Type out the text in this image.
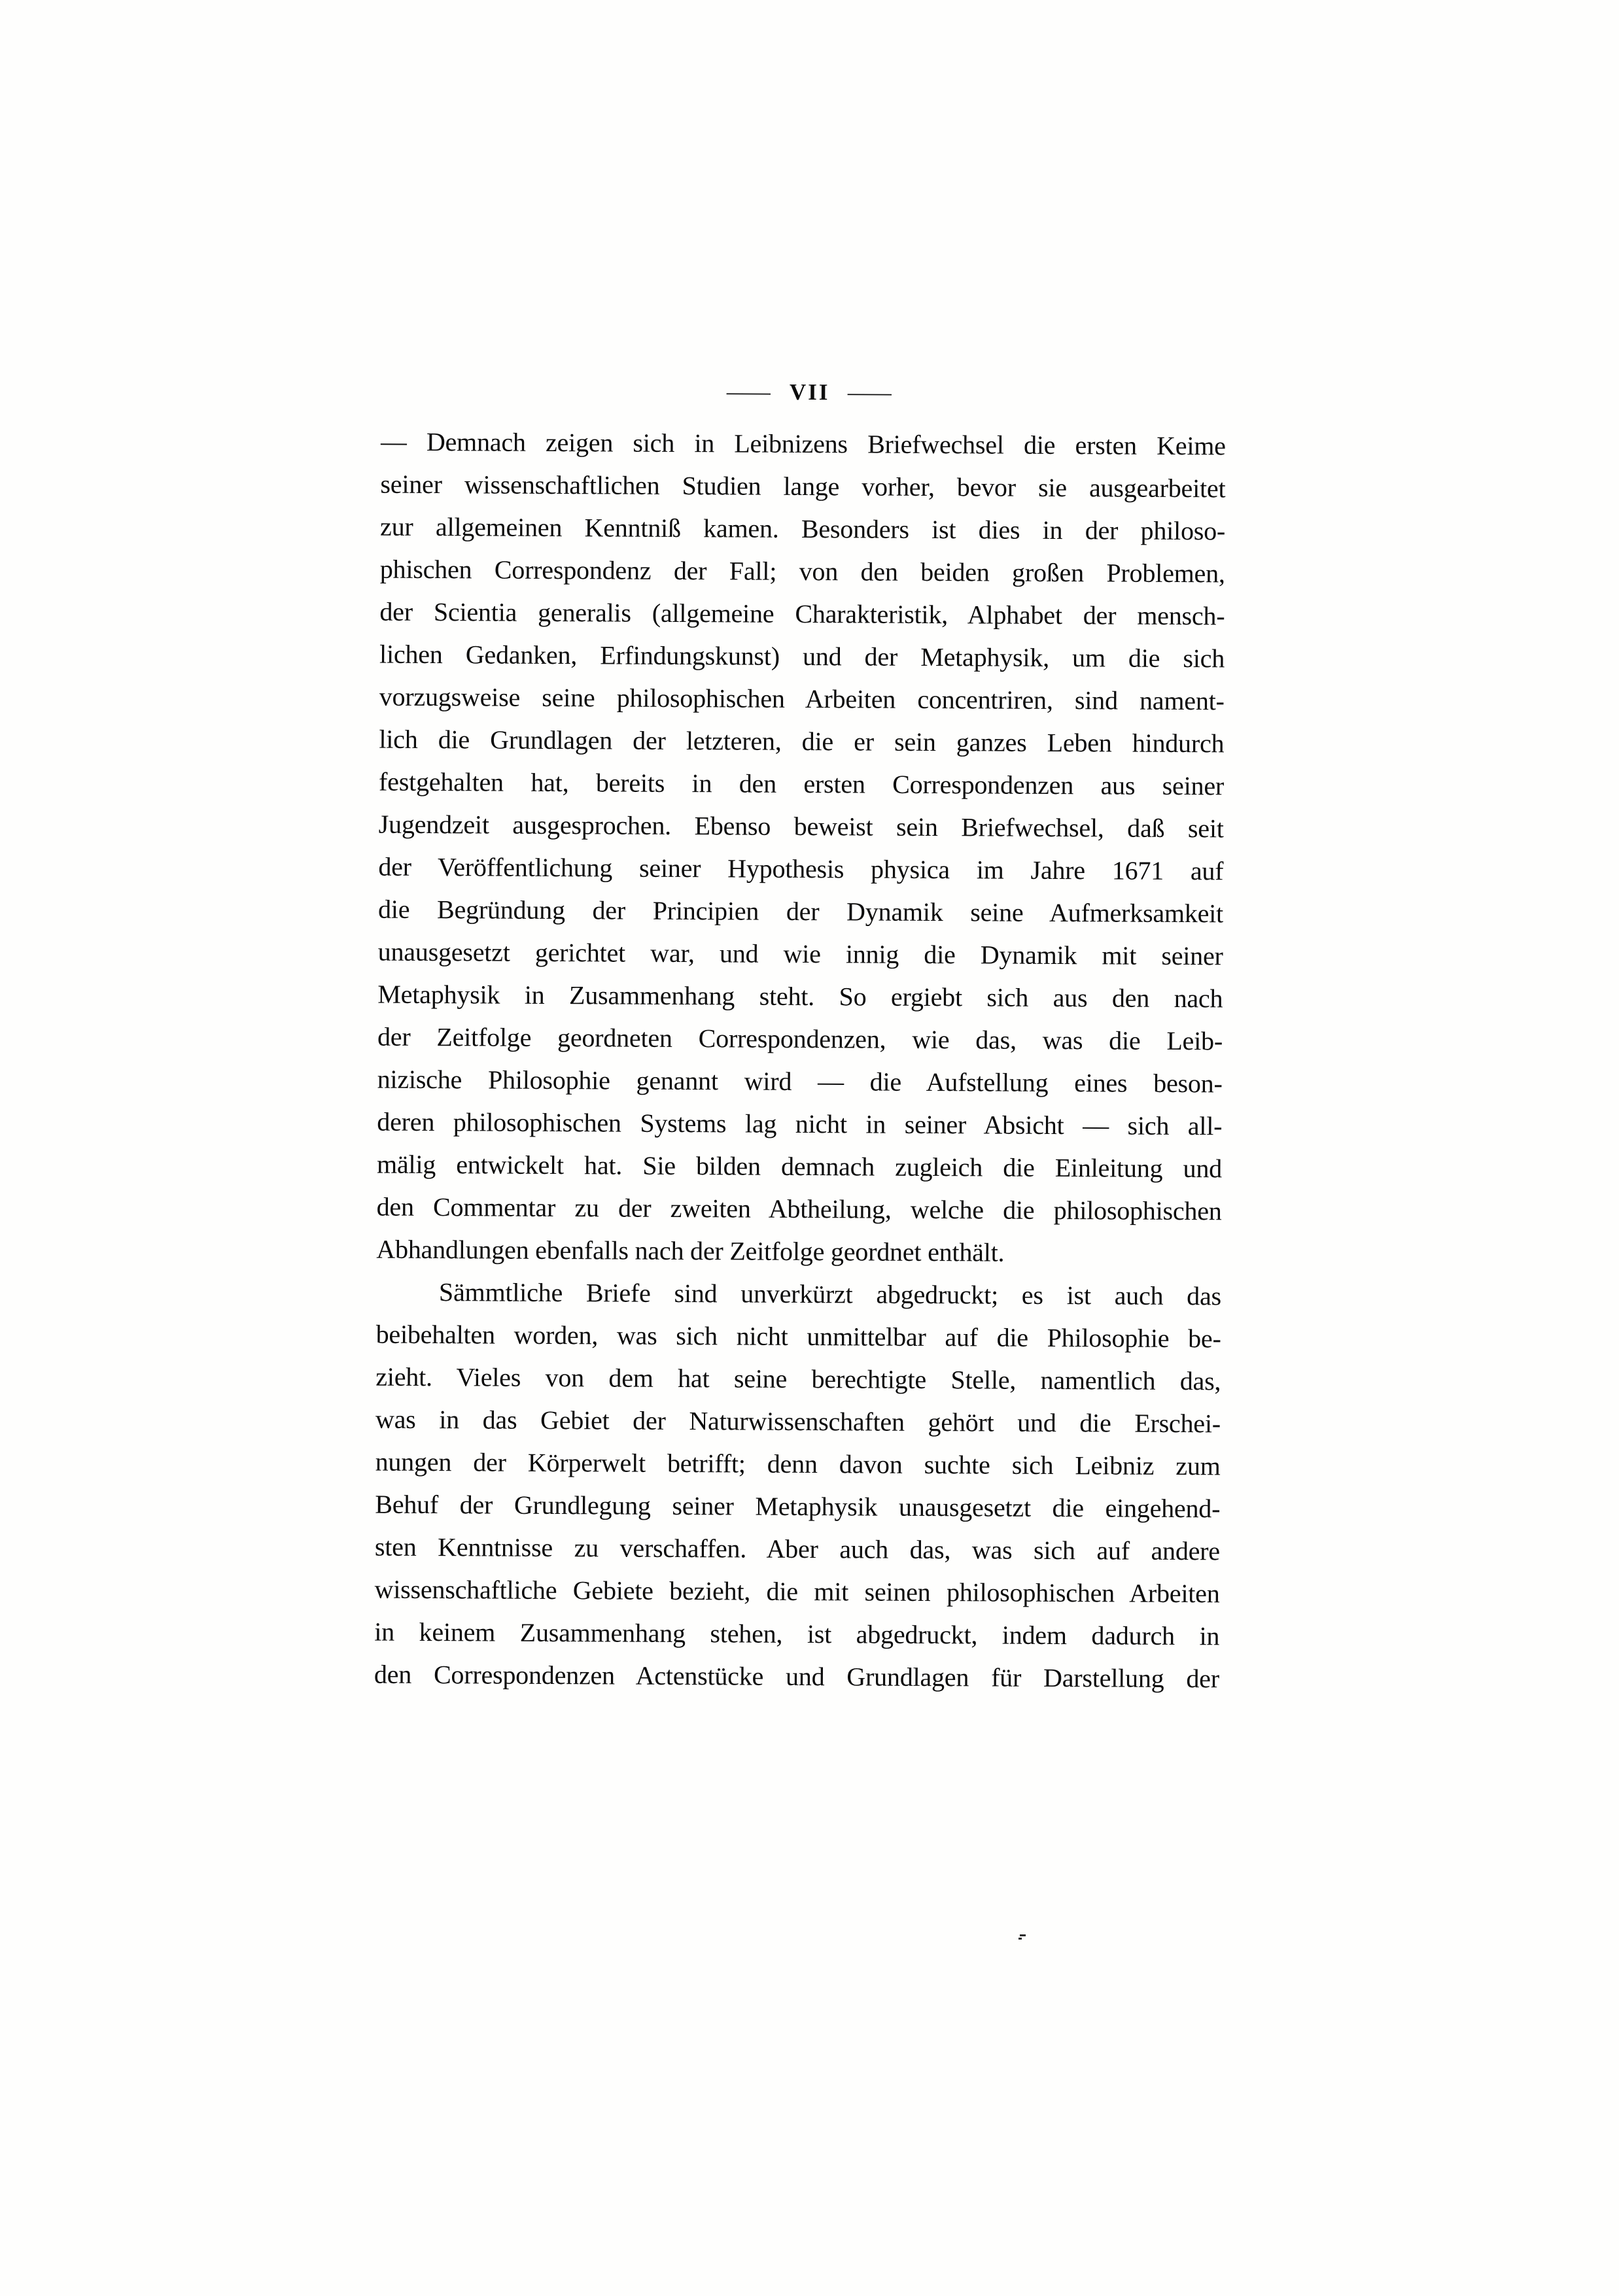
— VII —
— Demnach zeigen sich in Leibnizens Briefwechsel die ersten Keime
seiner wissenschaftlichen Studien lange vorher, bevor sie ausgearbeitet
zur allgemeinen Kenntniß kamen. Besonders ist dies in der philoso-
phischen Correspondenz der Fall; von den beiden großen Problemen,
der Scientia generalis (allgemeine Charakteristik, Alphabet der mensch-
lichen Gedanken, Erfindungskunst) und der Metaphysik, um die sich
vorzugsweise seine philosophischen Arbeiten concentriren, sind nament-
lich die Grundlagen der letzteren, die er sein ganzes Leben hindurch
festgehalten hat, bereits in den ersten Correspondenzen aus seiner
Jugendzeit ausgesprochen. Ebenso beweist sein Briefwechsel, daß seit
der Veröffentlichung seiner Hypothesis physica im Jahre 1671 auf
die Begründung der Principien der Dynamik seine Aufmerksamkeit
unausgesetzt gerichtet war, und wie innig die Dynamik mit seiner
Metaphysik in Zusammenhang steht. So ergiebt sich aus den nach
der Zeitfolge geordneten Correspondenzen, wie das, was die Leib-
nizische Philosophie genannt wird — die Aufstellung eines beson-
deren philosophischen Systems lag nicht in seiner Absicht — sich all-
mälig entwickelt hat. Sie bilden demnach zugleich die Einleitung und
den Commentar zu der zweiten Abtheilung, welche die philosophischen
Abhandlungen ebenfalls nach der Zeitfolge geordnet enthält.
Sämmtliche Briefe sind unverkürzt abgedruckt; es ist auch das
beibehalten worden, was sich nicht unmittelbar auf die Philosophie be-
zieht. Vieles von dem hat seine berechtigte Stelle, namentlich das,
was in das Gebiet der Naturwissenschaften gehört und die Erschei-
nungen der Körperwelt betrifft; denn davon suchte sich Leibniz zum
Behuf der Grundlegung seiner Metaphysik unausgesetzt die eingehend-
sten Kenntnisse zu verschaffen. Aber auch das, was sich auf andere
wissenschaftliche Gebiete bezieht, die mit seinen philosophischen Arbeiten
in keinem Zusammenhang stehen, ist abgedruckt, indem dadurch in
den Correspondenzen Actenstücke und Grundlagen für Darstellung der
